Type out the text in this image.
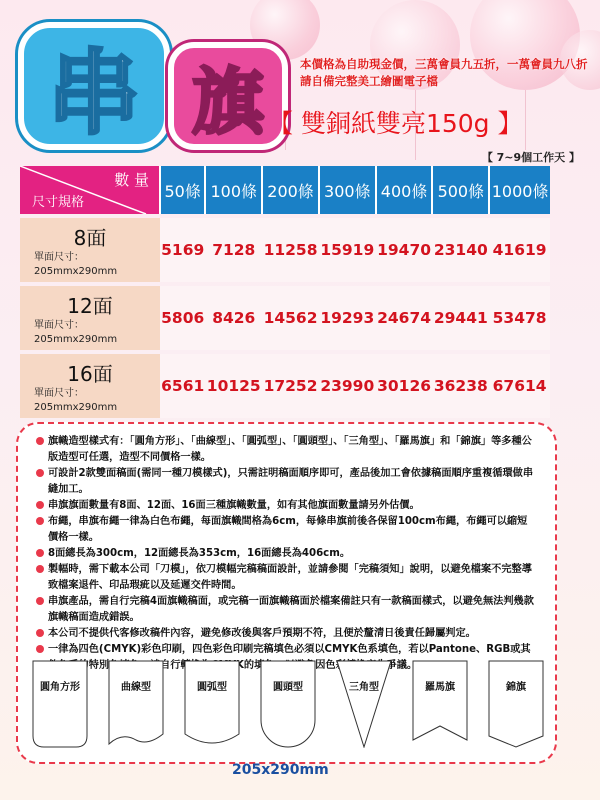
串 旗	本價格為自助現金價，三萬會員九五折，一萬會員九八折
請自備完整美工繪圖電子檔
【 雙銅紙雙亮150g 】
【 7~9個工作天 】
數 量
尺寸規格	50條	100條	200條	300條	400條	500條	1000條

8面
單面尺寸：
205mmx290mm	5169	7128	11258	15919	19470	23140	41619

12面
單面尺寸：
205mmx290mm	5806	8426	14562	19293	24674	29441	53478

16面
單面尺寸：
205mmx290mm	6561	10125	17252	23990	30126	36238	67614
旗幟造型樣式有：「圓角方形」、「曲線型」、「圓弧型」、「圓頭型」、「三角型」、「羅馬旗」和「錦旗」等多種公版造型可任選，造型不同價格一樣。
可設計2款雙面稿面(需同一種刀模樣式)，只需註明稿面順序即可，產品後加工會依據稿面順序重複循環做串縫加工。
串旗旗面數量有8面、12面、16面三種旗幟數量，如有其他旗面數量請另外估價。
布繩，串旗布繩一律為白色布繩，每面旗幟間格為6cm，每條串旗前後各保留100cm布繩，布繩可以縮短價格一樣。
8面總長為300cm，12面總長為353cm，16面總長為406cm。
製幅時，需下載本公司「刀模」，依刀模幅完稿稿面設計，並請參閱「完稿須知」說明，以避免檔案不完整導致檔案退件、印品瑕疵以及延遲交件時間。
串旗產品，需自行完稿4面旗幟稿面，或完稿一面旗幟稿面於檔案備註只有一款稿面樣式，以避免無法判幾款旗幟稿面造成錯誤。
本公司不提供代客修改稿件內容，避免修改後與客戶預期不符，且便於釐清日後責任歸屬判定。
一律為四色(CMYK)彩色印刷，四色彩色印刷完稿填色必須以CMYK色系填色，若以Pantone、RGB或其 的特別色填 自行轉換為CMYK的填色，以避免因色彩轉 爭議。
圓角方形	曲線型	圓弧型	圓頭型	三角型	羅馬旗	錦旗
205x290mm
